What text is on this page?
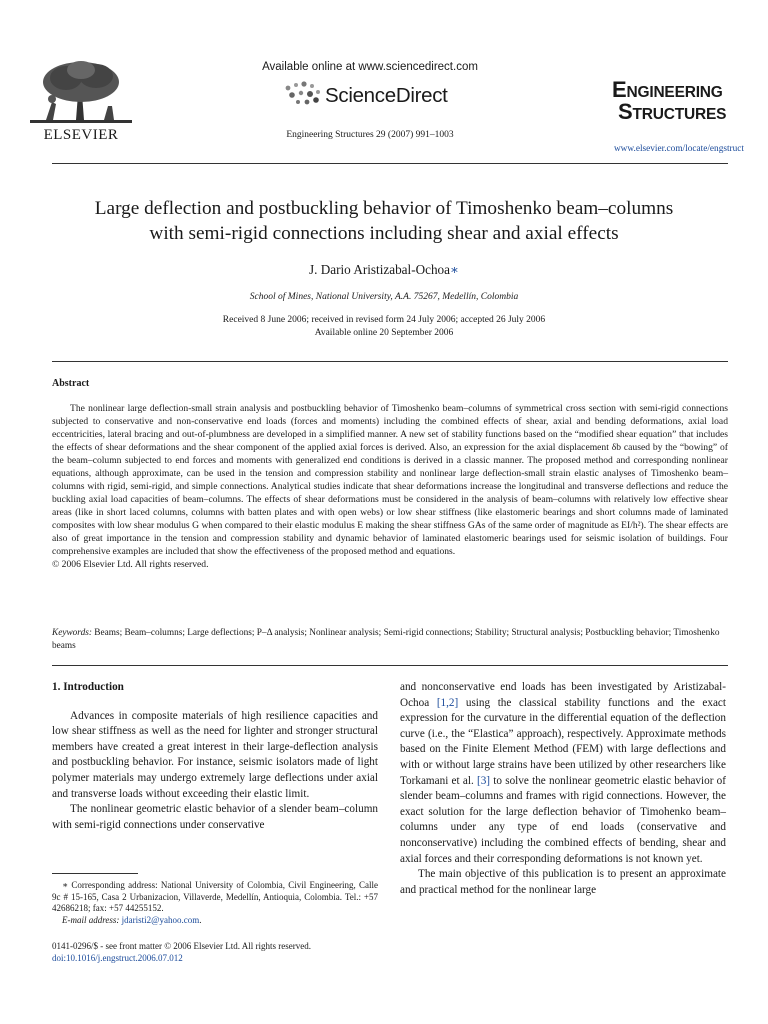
ELSEVIER
Available online at www.sciencedirect.com
ScienceDirect
Engineering Structures 29 (2007) 991–1003
ENGINEERING
STRUCTURES
www.elsevier.com/locate/engstruct
Large deflection and postbuckling behavior of Timoshenko beam–columns
with semi-rigid connections including shear and axial effects
J. Dario Aristizabal-Ochoa∗
School of Mines, National University, A.A. 75267, Medellín, Colombia
Received 8 June 2006; received in revised form 24 July 2006; accepted 26 July 2006
Available online 20 September 2006
Abstract

The nonlinear large deflection-small strain analysis and postbuckling behavior of Timoshenko beam–columns of symmetrical cross section with semi-rigid connections subjected to conservative and non-conservative end loads (forces and moments) including the combined effects of shear, axial and bending deformations, axial load eccentricities, lateral bracing and out-of-plumbness are developed in a simplified manner. A new set of stability functions based on the “modified shear equation” that includes the effects of shear deformations and the shear component of the applied axial forces is derived. Also, an expression for the axial displacement δb caused by the “bowing” of the beam–column subjected to end forces and moments with generalized end conditions is derived in a classic manner. The proposed method and corresponding nonlinear equations, although approximate, can be used in the tension and compression stability and nonlinear large deflection-small strain elastic analyses of Timoshenko beam–columns with rigid, semi-rigid, and simple connections. Analytical studies indicate that shear deformations increase the longitudinal and transverse deflections and reduce the buckling axial load capacities of beam–columns. The effects of shear deformations must be considered in the analysis of beam–columns with relatively low effective shear areas (like in short laced columns, columns with batten plates and with open webs) or low shear stiffness (like elastomeric bearings and short columns made of laminated composites with low shear modulus G when compared to their elastic modulus E making the shear stiffness GAs of the same order of magnitude as EI/h²). The shear effects are also of great importance in the tension and compression stability and dynamic behavior of laminated elastomeric bearings used for seismic isolation of buildings. Four comprehensive examples are included that show the effectiveness of the proposed method and equations.

© 2006 Elsevier Ltd. All rights reserved.

Keywords: Beams; Beam–columns; Large deflections; P–Δ analysis; Nonlinear analysis; Semi-rigid connections; Stability; Structural analysis; Postbuckling behavior; Timoshenko beams
1. Introduction

Advances in composite materials of high resilience capacities and low shear stiffness as well as the need for lighter and stronger structural members have created a great interest in their large-deflection analysis and postbuckling behavior. For instance, seismic isolators made of light polymer materials may undergo extremely large deflections under axial and transverse loads without exceeding their elastic limit.

The nonlinear geometric elastic behavior of a slender beam–column with semi-rigid connections under conservative

and nonconservative end loads has been investigated by Aristizabal-Ochoa [1,2] using the classical stability functions and the exact expression for the curvature in the differential equation of the deflection curve (i.e., the “Elastica” approach), respectively. Approximate methods based on the Finite Element Method (FEM) with large deflections and with or without large strains have been utilized by other researchers like Torkamani et al. [3] to solve the nonlinear geometric elastic behavior of slender beam–columns and frames with rigid connections. However, the exact solution for the large deflection behavior of Timohenko beam–columns under any type of end loads (conservative and nonconservative) including the combined effects of bending, shear and axial forces and their corresponding deformations is not known yet.

The main objective of this publication is to present an approximate and practical method for the nonlinear large

∗ Corresponding address: National University of Colombia, Civil Engineering, Calle 9c # 15-165, Casa 2 Urbanizacion, Villaverde, Medellín, Antioquia, Colombia. Tel.: +57 42686218; fax: +57 44255152.

E-mail address: jdaristi2@yahoo.com.

0141-0296/$ - see front matter © 2006 Elsevier Ltd. All rights reserved.
doi:10.1016/j.engstruct.2006.07.012
